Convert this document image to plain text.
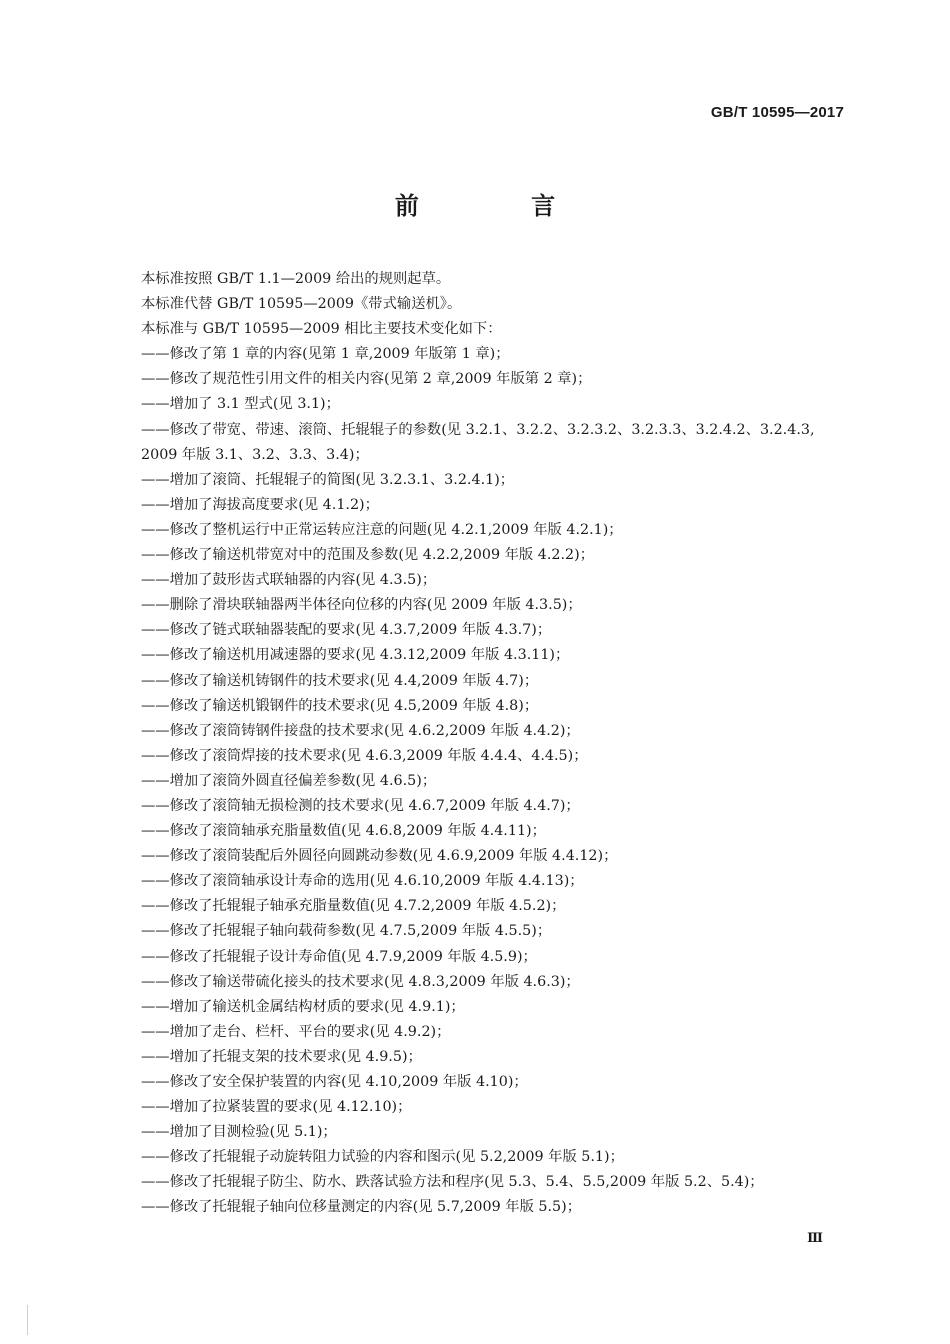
GB/T 10595—2017
前 言
本标准按照 GB/T 1.1—2009 给出的规则起草。
本标准代替 GB/T 10595—2009《带式输送机》。
本标准与 GB/T 10595—2009 相比主要技术变化如下：
——修改了第 1 章的内容(见第 1 章,2009 年版第 1 章)；
——修改了规范性引用文件的相关内容(见第 2 章,2009 年版第 2 章)；
——增加了 3.1 型式(见 3.1)；
——修改了带宽、带速、滚筒、托辊辊子的参数(见 3.2.1、3.2.2、3.2.3.2、3.2.3.3、3.2.4.2、3.2.4.3,
2009 年版 3.1、3.2、3.3、3.4)；
——增加了滚筒、托辊辊子的简图(见 3.2.3.1、3.2.4.1)；
——增加了海拔高度要求(见 4.1.2)；
——修改了整机运行中正常运转应注意的问题(见 4.2.1,2009 年版 4.2.1)；
——修改了输送机带宽对中的范围及参数(见 4.2.2,2009 年版 4.2.2)；
——增加了鼓形齿式联轴器的内容(见 4.3.5)；
——删除了滑块联轴器两半体径向位移的内容(见 2009 年版 4.3.5)；
——修改了链式联轴器装配的要求(见 4.3.7,2009 年版 4.3.7)；
——修改了输送机用减速器的要求(见 4.3.12,2009 年版 4.3.11)；
——修改了输送机铸钢件的技术要求(见 4.4,2009 年版 4.7)；
——修改了输送机锻钢件的技术要求(见 4.5,2009 年版 4.8)；
——修改了滚筒铸钢件接盘的技术要求(见 4.6.2,2009 年版 4.4.2)；
——修改了滚筒焊接的技术要求(见 4.6.3,2009 年版 4.4.4、4.4.5)；
——增加了滚筒外圆直径偏差参数(见 4.6.5)；
——修改了滚筒轴无损检测的技术要求(见 4.6.7,2009 年版 4.4.7)；
——修改了滚筒轴承充脂量数值(见 4.6.8,2009 年版 4.4.11)；
——修改了滚筒装配后外圆径向圆跳动参数(见 4.6.9,2009 年版 4.4.12)；
——修改了滚筒轴承设计寿命的选用(见 4.6.10,2009 年版 4.4.13)；
——修改了托辊辊子轴承充脂量数值(见 4.7.2,2009 年版 4.5.2)；
——修改了托辊辊子轴向载荷参数(见 4.7.5,2009 年版 4.5.5)；
——修改了托辊辊子设计寿命值(见 4.7.9,2009 年版 4.5.9)；
——修改了输送带硫化接头的技术要求(见 4.8.3,2009 年版 4.6.3)；
——增加了输送机金属结构材质的要求(见 4.9.1)；
——增加了走台、栏杆、平台的要求(见 4.9.2)；
——增加了托辊支架的技术要求(见 4.9.5)；
——修改了安全保护装置的内容(见 4.10,2009 年版 4.10)；
——增加了拉紧装置的要求(见 4.12.10)；
——增加了目测检验(见 5.1)；
——修改了托辊辊子动旋转阻力试验的内容和图示(见 5.2,2009 年版 5.1)；
——修改了托辊辊子防尘、防水、跌落试验方法和程序(见 5.3、5.4、5.5,2009 年版 5.2、5.4)；
——修改了托辊辊子轴向位移量测定的内容(见 5.7,2009 年版 5.5)；
Ⅲ
